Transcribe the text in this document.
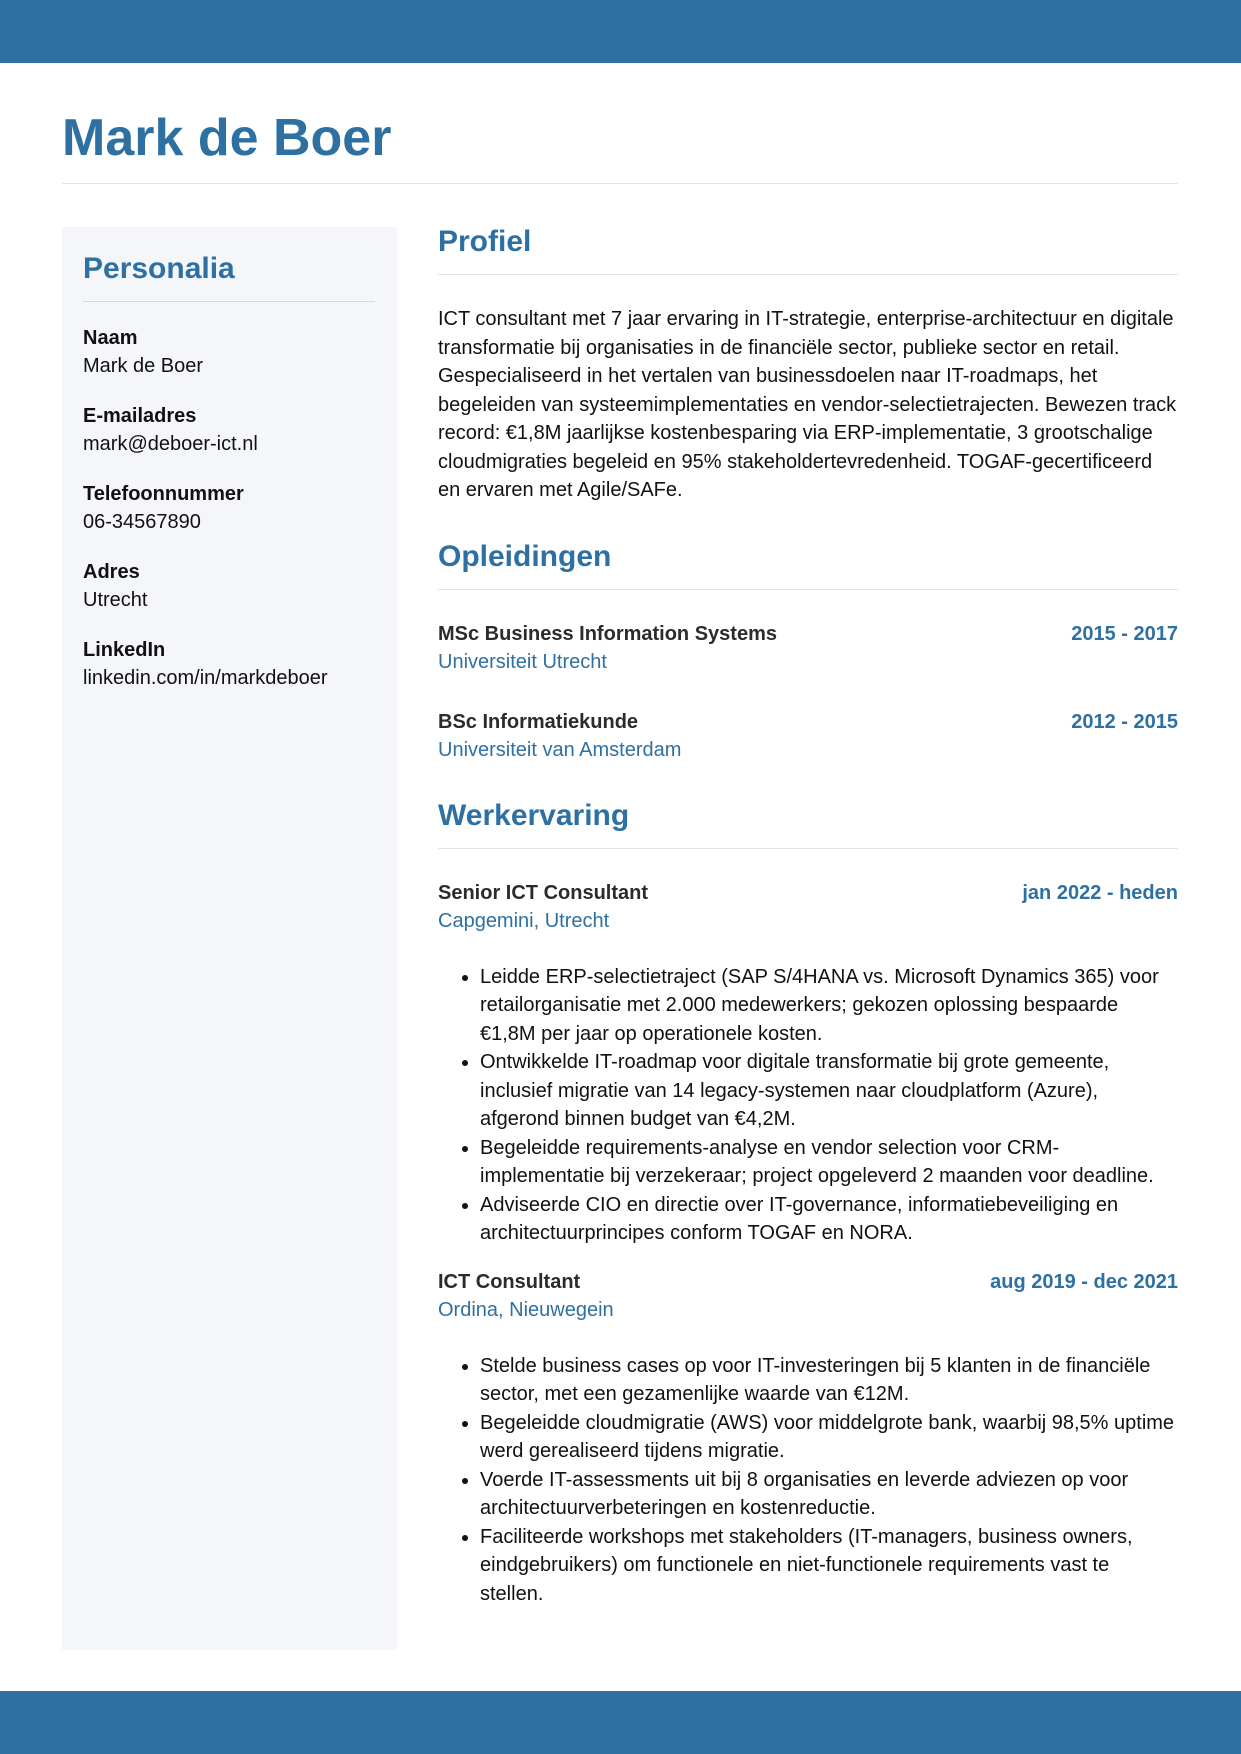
Mark de Boer
Personalia
Naam
Mark de Boer
E-mailadres
mark@deboer-ict.nl
Telefoonnummer
06-34567890
Adres
Utrecht
LinkedIn
linkedin.com/in/markdeboer
Profiel

ICT consultant met 7 jaar ervaring in IT-strategie, enterprise-architectuur en digitale transformatie bij organisaties in de financiële sector, publieke sector en retail. Gespecialiseerd in het vertalen van businessdoelen naar IT-roadmaps, het begeleiden van systeemimplementaties en vendor-selectietrajecten. Bewezen track record: €1,8M jaarlijkse kostenbesparing via ERP-implementatie, 3 grootschalige cloudmigraties begeleid en 95% stakeholdertevredenheid. TOGAF-gecertificeerd en ervaren met Agile/SAFe.

Opleidingen
MSc Business Information Systems	2015 - 2017
Universiteit Utrecht
BSc Informatiekunde	2012 - 2015
Universiteit van Amsterdam
Werkervaring
Senior ICT Consultant	jan 2022 - heden
Capgemini, Utrecht
• Leidde ERP-selectietraject (SAP S/4HANA vs. Microsoft Dynamics 365) voor retailorganisatie met 2.000 medewerkers; gekozen oplossing bespaarde €1,8M per jaar op operationele kosten.
• Ontwikkelde IT-roadmap voor digitale transformatie bij grote gemeente, inclusief migratie van 14 legacy-systemen naar cloudplatform (Azure), afgerond binnen budget van €4,2M.
• Begeleidde requirements-analyse en vendor selection voor CRM-implementatie bij verzekeraar; project opgeleverd 2 maanden voor deadline.
• Adviseerde CIO en directie over IT-governance, informatiebeveiliging en architectuurprincipes conform TOGAF en NORA.
ICT Consultant	aug 2019 - dec 2021
Ordina, Nieuwegein
• Stelde business cases op voor IT-investeringen bij 5 klanten in de financiële sector, met een gezamenlijke waarde van €12M.
• Begeleidde cloudmigratie (AWS) voor middelgrote bank, waarbij 98,5% uptime werd gerealiseerd tijdens migratie.
• Voerde IT-assessments uit bij 8 organisaties en leverde adviezen op voor architectuurverbeteringen en kostenreductie.
• Faciliteerde workshops met stakeholders (IT-managers, business owners, eindgebruikers) om functionele en niet-functionele requirements vast te stellen.
